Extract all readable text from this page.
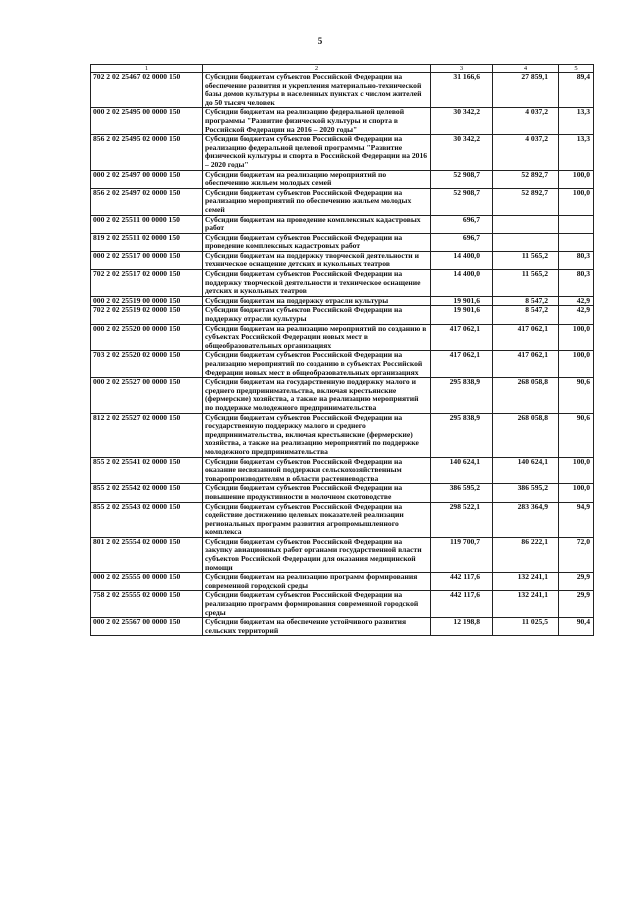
5
1	2	3	4	5
702 2 02 25467 02 0000 150	Субсидии бюджетам субъектов Российской Федерации на обеспечение развития и укрепления материально-технической базы домов культуры в населенных пунктах с числом жителей до 50 тысяч человек	31 166,6	27 859,1	89,4
000 2 02 25495 00 0000 150	Субсидии бюджетам на реализацию федеральной целевой программы "Развитие физической культуры и спорта в Российской Федерации на 2016 – 2020 годы"	30 342,2	4 037,2	13,3
856 2 02 25495 02 0000 150	Субсидии бюджетам субъектов Российской Федерации на реализацию федеральной целевой программы "Развитие физической культуры и спорта в Российской Федерации на 2016 – 2020 годы"	30 342,2	4 037,2	13,3
000 2 02 25497 00 0000 150	Субсидии бюджетам на реализацию мероприятий по обеспечению жильем молодых семей	52 908,7	52 892,7	100,0
856 2 02 25497 02 0000 150	Субсидии бюджетам субъектов Российской Федерации на реализацию мероприятий по обеспечению жильем молодых семей	52 908,7	52 892,7	100,0
000 2 02 25511 00 0000 150	Субсидии бюджетам на проведение комплексных кадастровых работ	696,7		
819 2 02 25511 02 0000 150	Субсидии бюджетам субъектов Российской Федерации на проведение комплексных кадастровых работ	696,7		
000 2 02 25517 00 0000 150	Субсидии бюджетам на поддержку творческой деятельности и техническое оснащение детских и кукольных театров	14 400,0	11 565,2	80,3
702 2 02 25517 02 0000 150	Субсидии бюджетам субъектов Российской Федерации на поддержку творческой деятельности и техническое оснащение детских и кукольных театров	14 400,0	11 565,2	80,3
000 2 02 25519 00 0000 150	Субсидии бюджетам на поддержку отрасли культуры	19 901,6	8 547,2	42,9
702 2 02 25519 02 0000 150	Субсидии бюджетам субъектов Российской Федерации на поддержку отрасли культуры	19 901,6	8 547,2	42,9
000 2 02 25520 00 0000 150	Субсидии бюджетам на реализацию мероприятий по созданию в субъектах Российской Федерации новых мест в общеобразовательных организациях	417 062,1	417 062,1	100,0
703 2 02 25520 02 0000 150	Субсидии бюджетам субъектов Российской Федерации на реализацию мероприятий по созданию в субъектах Российской Федерации новых мест в общеобразовательных организациях	417 062,1	417 062,1	100,0
000 2 02 25527 00 0000 150	Субсидии бюджетам на государственную поддержку малого и среднего предпринимательства, включая крестьянские (фермерские) хозяйства, а также на реализацию мероприятий по поддержке молодежного предпринимательства	295 838,9	268 058,8	90,6
812 2 02 25527 02 0000 150	Субсидии бюджетам субъектов Российской Федерации на государственную поддержку малого и среднего предпринимательства, включая крестьянские (фермерские) хозяйства, а также на реализацию мероприятий по поддержке молодежного предпринимательства	295 838,9	268 058,8	90,6
855 2 02 25541 02 0000 150	Субсидии бюджетам субъектов Российской Федерации на оказание несвязанной поддержки сельскохозяйственным товаропроизводителям в области растениеводства	140 624,1	140 624,1	100,0
855 2 02 25542 02 0000 150	Субсидии бюджетам субъектов Российской Федерации на повышение продуктивности в молочном скотоводстве	386 595,2	386 595,2	100,0
855 2 02 25543 02 0000 150	Субсидии бюджетам субъектов Российской Федерации на содействие достижению целевых показателей реализации региональных программ развития агропромышленного комплекса	298 522,1	283 364,9	94,9
801 2 02 25554 02 0000 150	Субсидии бюджетам субъектов Российской Федерации на закупку авиационных работ органами государственной власти субъектов Российской Федерации для оказания медицинской помощи	119 700,7	86 222,1	72,0
000 2 02 25555 00 0000 150	Субсидии бюджетам на реализацию программ формирования современной городской среды	442 117,6	132 241,1	29,9
758 2 02 25555 02 0000 150	Субсидии бюджетам субъектов Российской Федерации на реализацию программ формирования современной городской среды	442 117,6	132 241,1	29,9
000 2 02 25567 00 0000 150	Субсидии бюджетам на обеспечение устойчивого развития сельских территорий	12 198,8	11 025,5	90,4
